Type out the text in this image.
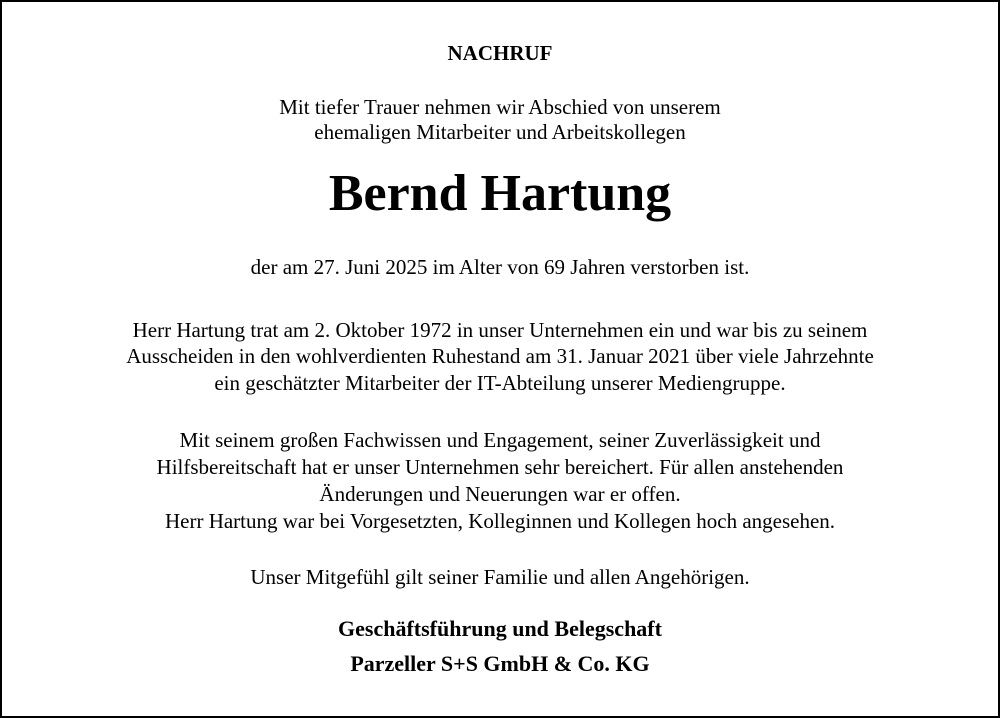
NACHRUF
Mit tiefer Trauer nehmen wir Abschied von unserem
ehemaligen Mitarbeiter und Arbeitskollegen
Bernd Hartung
der am 27. Juni 2025 im Alter von 69 Jahren verstorben ist.
Herr Hartung trat am 2. Oktober 1972 in unser Unternehmen ein und war bis zu seinem
Ausscheiden in den wohlverdienten Ruhestand am 31. Januar 2021 über viele Jahrzehnte
ein geschätzter Mitarbeiter der IT-Abteilung unserer Mediengruppe.
Mit seinem großen Fachwissen und Engagement, seiner Zuverlässigkeit und
Hilfsbereitschaft hat er unser Unternehmen sehr bereichert. Für allen anstehenden
Änderungen und Neuerungen war er offen.
Herr Hartung war bei Vorgesetzten, Kolleginnen und Kollegen hoch angesehen.
Unser Mitgefühl gilt seiner Familie und allen Angehörigen.
Geschäftsführung und Belegschaft
Parzeller S+S GmbH & Co. KG
